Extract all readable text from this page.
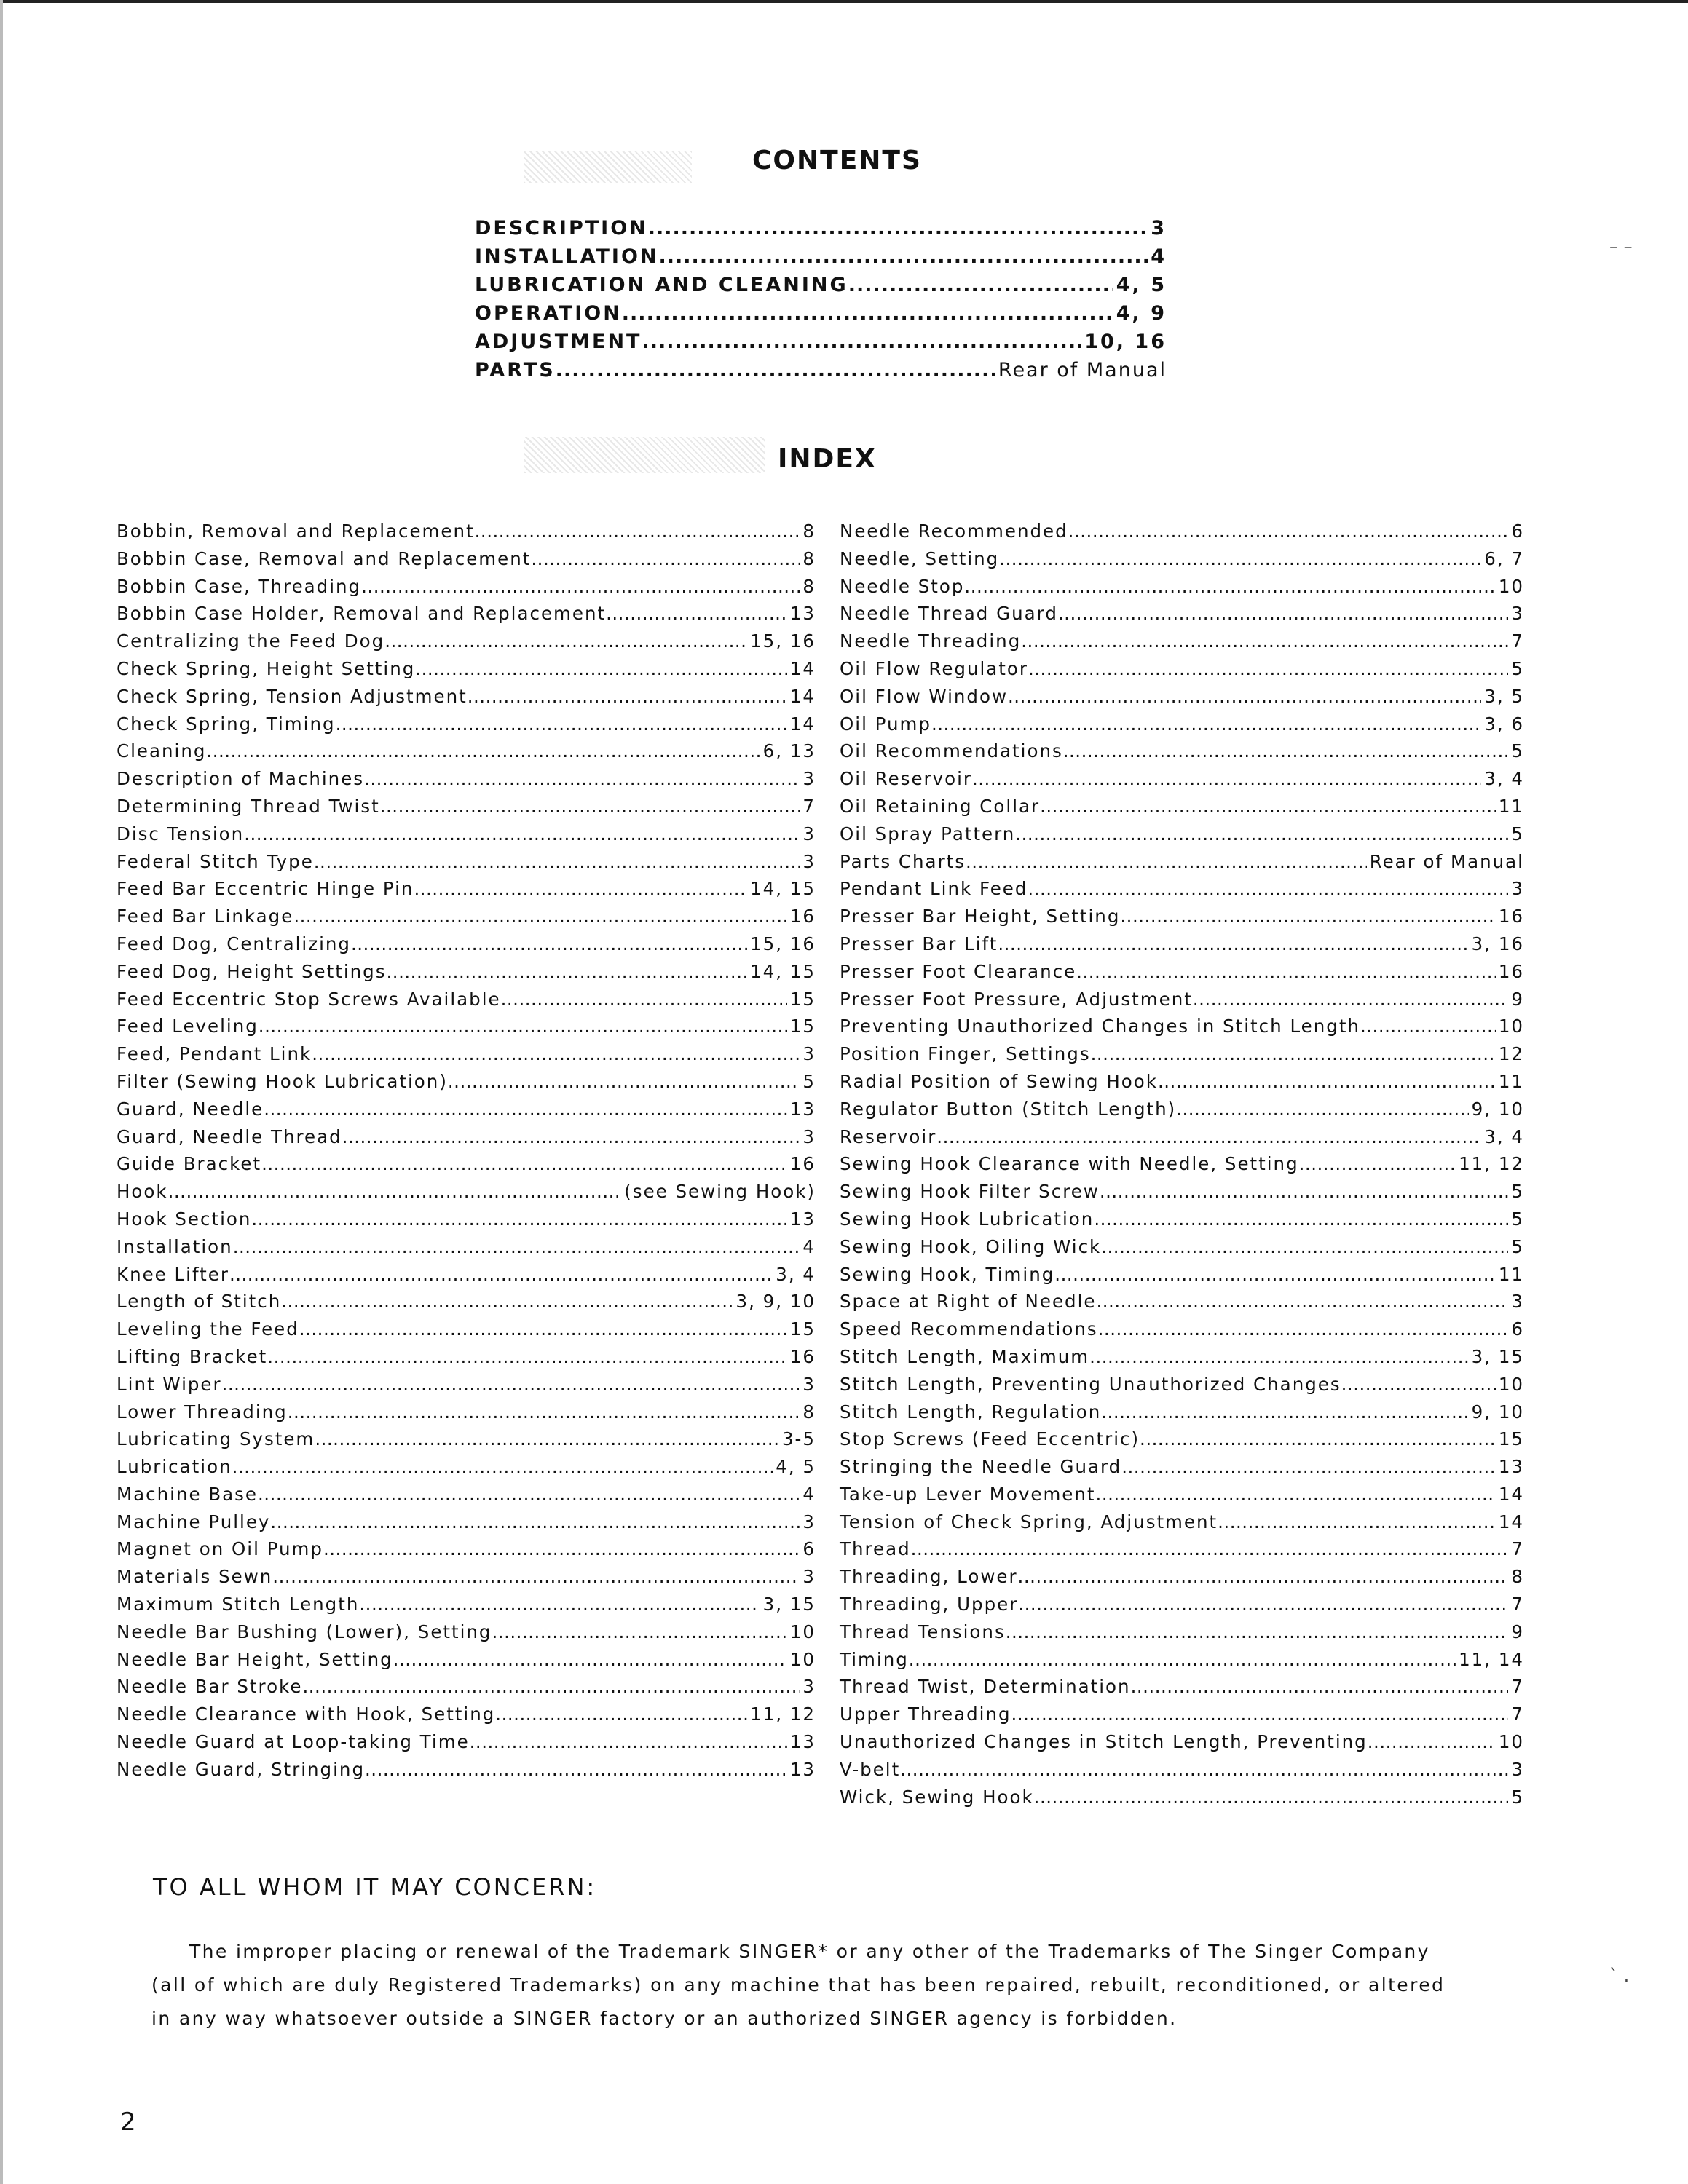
CONTENTS
DESCRIPTION .....	3
INSTALLATION .....	4
LUBRICATION AND CLEANING .....	4, 5
OPERATION .....	4, 9
ADJUSTMENT .....	10, 16
PARTS .....	Rear of Manual
INDEX
Bobbin, Removal and Replacement .....	8
Bobbin Case, Removal and Replacement .....	8
Bobbin Case, Threading .....	8
Bobbin Case Holder, Removal and Replacement .....	13
Centralizing the Feed Dog .....	15, 16
Check Spring, Height Setting .....	14
Check Spring, Tension Adjustment .....	14
Check Spring, Timing .....	14
Cleaning .....	6, 13
Description of Machines .....	3
Determining Thread Twist .....	7
Disc Tension .....	3
Federal Stitch Type .....	3
Feed Bar Eccentric Hinge Pin .....	14, 15
Feed Bar Linkage .....	16
Feed Dog, Centralizing .....	15, 16
Feed Dog, Height Settings .....	14, 15
Feed Eccentric Stop Screws Available .....	15
Feed Leveling .....	15
Feed, Pendant Link .....	3
Filter (Sewing Hook Lubrication) .....	5
Guard, Needle .....	13
Guard, Needle Thread .....	3
Guide Bracket .....	16
Hook .....	(see Sewing Hook)
Hook Section .....	13
Installation .....	4
Knee Lifter .....	3, 4
Length of Stitch .....	3, 9, 10
Leveling the Feed .....	15
Lifting Bracket .....	16
Lint Wiper .....	3
Lower Threading .....	8
Lubricating System .....	3-5
Lubrication .....	4, 5
Machine Base .....	4
Machine Pulley .....	3
Magnet on Oil Pump .....	6
Materials Sewn .....	3
Maximum Stitch Length .....	3, 15
Needle Bar Bushing (Lower), Setting .....	10
Needle Bar Height, Setting .....	10
Needle Bar Stroke .....	3
Needle Clearance with Hook, Setting .....	11, 12
Needle Guard at Loop-taking Time .....	13
Needle Guard, Stringing .....	13
Needle Recommended .....	6
Needle, Setting .....	6, 7
Needle Stop .....	10
Needle Thread Guard .....	3
Needle Threading .....	7
Oil Flow Regulator .....	5
Oil Flow Window .....	3, 5
Oil Pump .....	3, 6
Oil Recommendations .....	5
Oil Reservoir .....	3, 4
Oil Retaining Collar .....	11
Oil Spray Pattern .....	5
Parts Charts .....	Rear of Manual
Pendant Link Feed .....	3
Presser Bar Height, Setting .....	16
Presser Bar Lift .....	3, 16
Presser Foot Clearance .....	16
Presser Foot Pressure, Adjustment .....	9
Preventing Unauthorized Changes in Stitch Length .....	10
Position Finger, Settings .....	12
Radial Position of Sewing Hook .....	11
Regulator Button (Stitch Length) .....	9, 10
Reservoir .....	3, 4
Sewing Hook Clearance with Needle, Setting .....	11, 12
Sewing Hook Filter Screw .....	5
Sewing Hook Lubrication .....	5
Sewing Hook, Oiling Wick .....	5
Sewing Hook, Timing .....	11
Space at Right of Needle .....	3
Speed Recommendations .....	6
Stitch Length, Maximum .....	3, 15
Stitch Length, Preventing Unauthorized Changes .....	10
Stitch Length, Regulation .....	9, 10
Stop Screws (Feed Eccentric) .....	15
Stringing the Needle Guard .....	13
Take-up Lever Movement .....	14
Tension of Check Spring, Adjustment .....	14
Thread .....	7
Threading, Lower .....	8
Threading, Upper .....	7
Thread Tensions .....	9
Timing .....	11, 14
Thread Twist, Determination .....	7
Upper Threading .....	7
Unauthorized Changes in Stitch Length, Preventing .....	10
V-belt .....	3
Wick, Sewing Hook .....	5
TO ALL WHOM IT MAY CONCERN:

The improper placing or renewal of the Trademark SINGER* or any other of the Trademarks of The Singer Company

(all of which are duly Registered Trademarks) on any machine that has been repaired, rebuilt, reconditioned, or altered

in any way whatsoever outside a SINGER factory or an authorized SINGER agency is forbidden.

2
– –
` .
